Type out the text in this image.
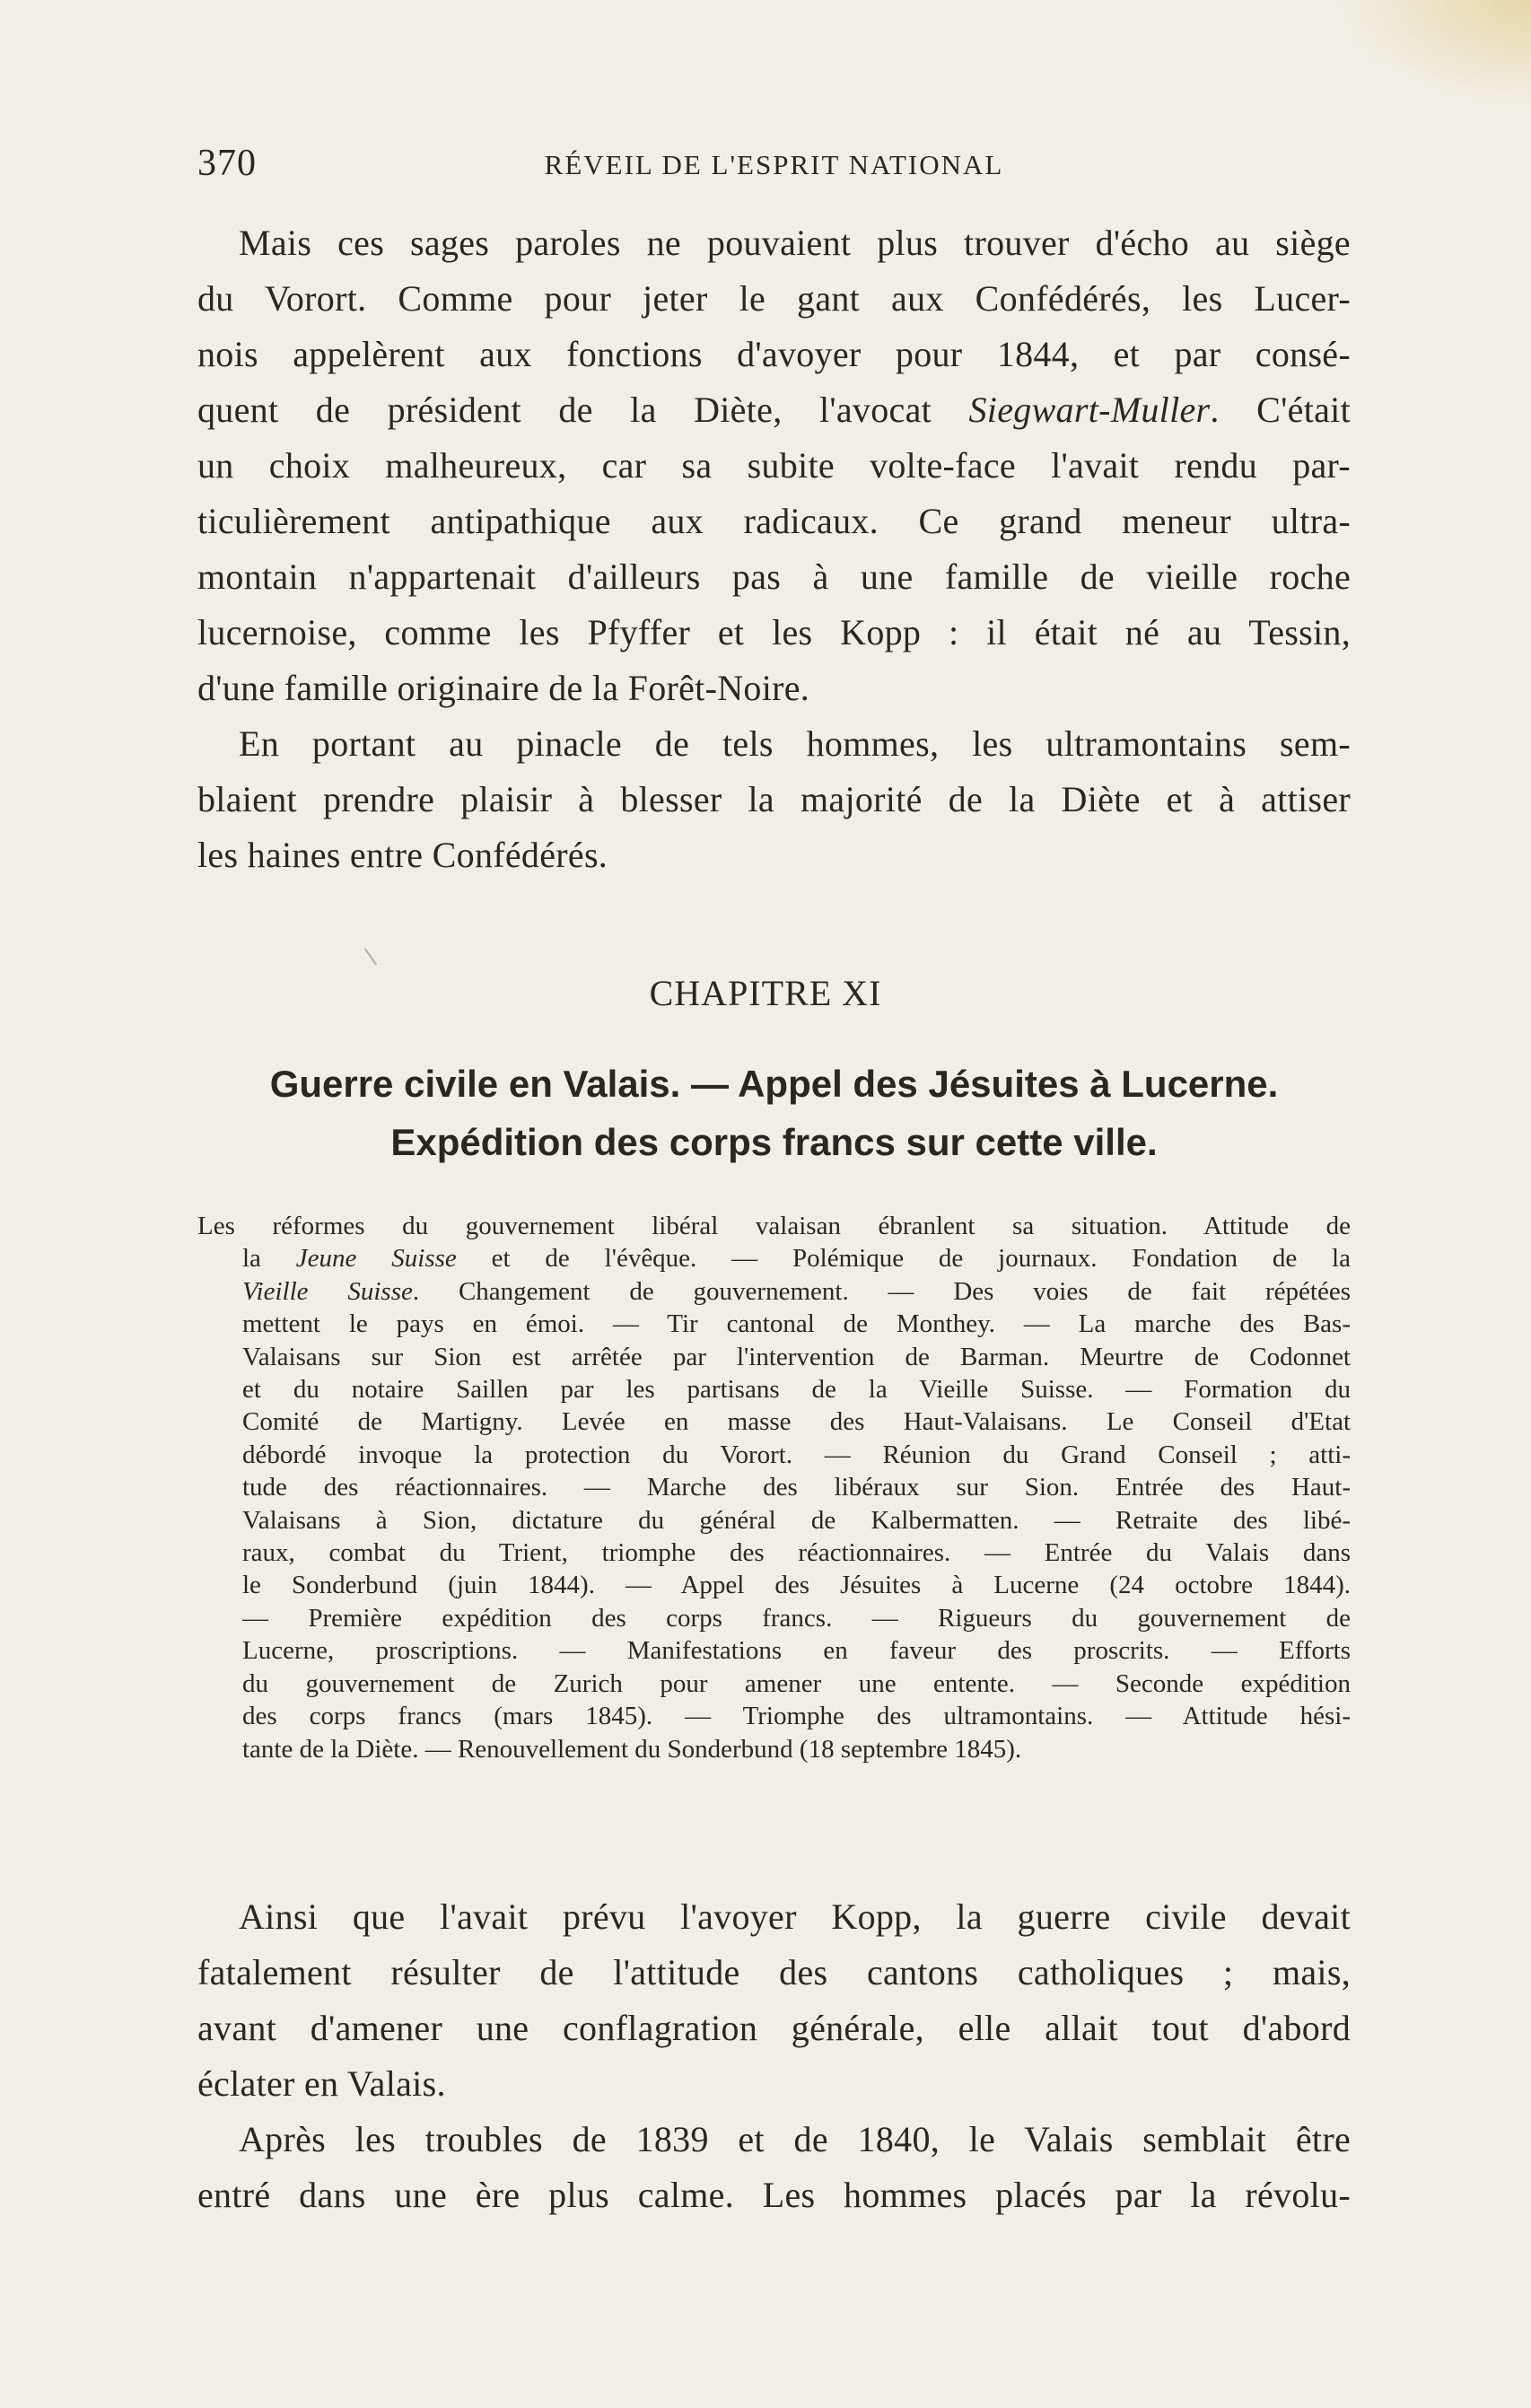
370	RÉVEIL DE L'ESPRIT NATIONAL
Mais ces sages paroles ne pouvaient plus trouver d'écho au siège
du Vorort. Comme pour jeter le gant aux Confédérés, les Lucer-
nois appelèrent aux fonctions d'avoyer pour 1844, et par consé-
quent de président de la Diète, l'avocat Siegwart-Muller. C'était
un choix malheureux, car sa subite volte-face l'avait rendu par-
ticulièrement antipathique aux radicaux. Ce grand meneur ultra-
montain n'appartenait d'ailleurs pas à une famille de vieille roche
lucernoise, comme les Pfyffer et les Kopp : il était né au Tessin,
d'une famille originaire de la Forêt-Noire.
En portant au pinacle de tels hommes, les ultramontains sem-
blaient prendre plaisir à blesser la majorité de la Diète et à attiser
les haines entre Confédérés.
CHAPITRE XI
Guerre civile en Valais. — Appel des Jésuites à Lucerne.
Expédition des corps francs sur cette ville.
Les réformes du gouvernement libéral valaisan ébranlent sa situation. Attitude de
la Jeune Suisse et de l'évêque. — Polémique de journaux. Fondation de la
Vieille Suisse. Changement de gouvernement. — Des voies de fait répétées
mettent le pays en émoi. — Tir cantonal de Monthey. — La marche des Bas-
Valaisans sur Sion est arrêtée par l'intervention de Barman. Meurtre de Codonnet
et du notaire Saillen par les partisans de la Vieille Suisse. — Formation du
Comité de Martigny. Levée en masse des Haut-Valaisans. Le Conseil d'Etat
débordé invoque la protection du Vorort. — Réunion du Grand Conseil ; atti-
tude des réactionnaires. — Marche des libéraux sur Sion. Entrée des Haut-
Valaisans à Sion, dictature du général de Kalbermatten. — Retraite des libé-
raux, combat du Trient, triomphe des réactionnaires. — Entrée du Valais dans
le Sonderbund (juin 1844). — Appel des Jésuites à Lucerne (24 octobre 1844).
— Première expédition des corps francs. — Rigueurs du gouvernement de
Lucerne, proscriptions. — Manifestations en faveur des proscrits. — Efforts
du gouvernement de Zurich pour amener une entente. — Seconde expédition
des corps francs (mars 1845). — Triomphe des ultramontains. — Attitude hési-
tante de la Diète. — Renouvellement du Sonderbund (18 septembre 1845).
Ainsi que l'avait prévu l'avoyer Kopp, la guerre civile devait
fatalement résulter de l'attitude des cantons catholiques ; mais,
avant d'amener une conflagration générale, elle allait tout d'abord
éclater en Valais.
Après les troubles de 1839 et de 1840, le Valais semblait être
entré dans une ère plus calme. Les hommes placés par la révolu-
